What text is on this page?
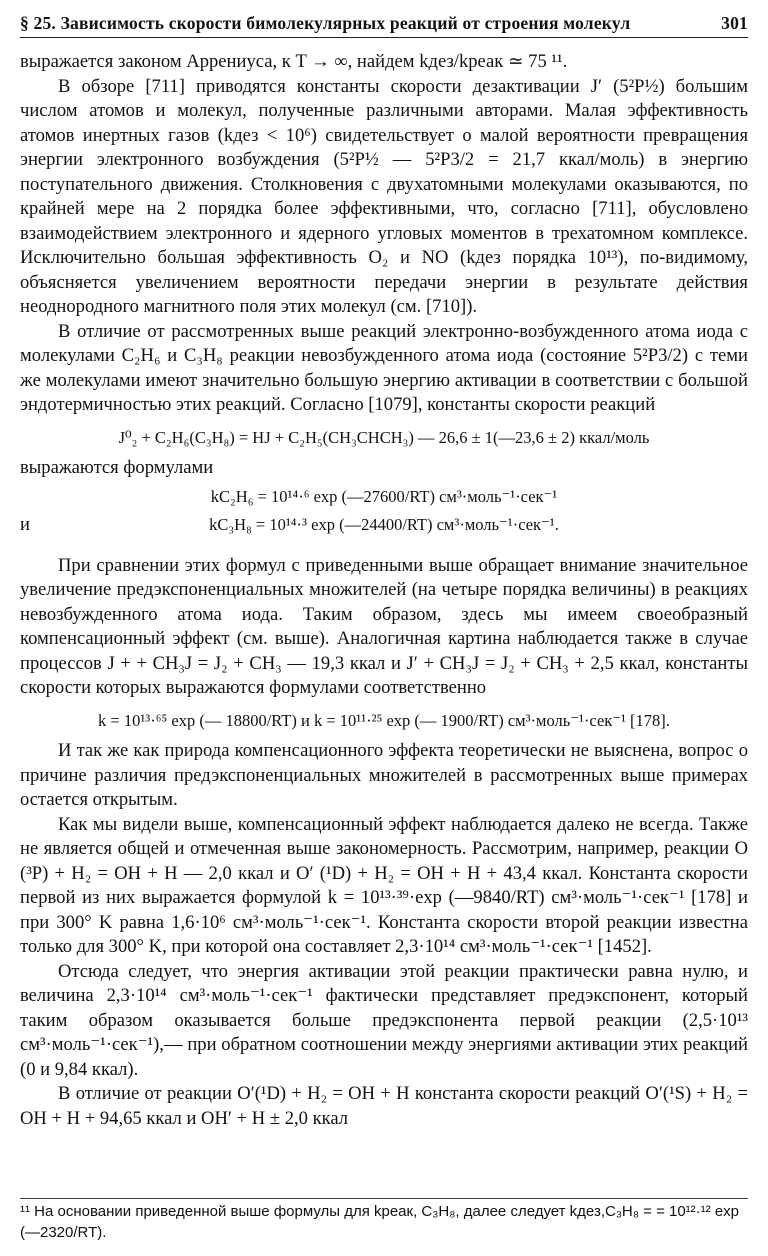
§ 25. Зависимость скорости бимолекулярных реакций от строения молекул	301

выражается законом Аррениуса, к T → ∞, найдем kдез/kреак ≃ 75 ¹¹.

В обзоре [711] приводятся константы скорости дезактивации J′ (5²P½) большим числом атомов и молекул, полученные различными авторами. Малая эффективность атомов инертных газов (kдез < 10⁶) свидетельствует о малой вероятности превращения энергии электронного возбуждения (5²P½ — 5²P3/2 = 21,7 ккал/моль) в энергию поступательного движения. Столкновения с двухатомными молекулами оказываются, по крайней мере на 2 порядка более эффективными, что, согласно [711], обусловлено взаимодействием электронного и ядерного угловых моментов в трехатомном комплексе. Исключительно большая эффективность O₂ и NO (kдез порядка 10¹³), по-видимому, объясняется увеличением вероятности передачи энергии в результате действия неоднородного магнитного поля этих молекул (см. [710]).

В отличие от рассмотренных выше реакций электронно-возбужденного атома иода с молекулами C₂H₆ и C₃H₈ реакции невозбужденного атома иода (состояние 5²P3/2) с теми же молекулами имеют значительно большую энергию активации в соответствии с большой эндотермичностью этих реакций. Согласно [1079], константы скорости реакций

J⁰₂ + C₂H₆(C₃H₈) = HJ + C₂H₅(CH₃CHCH₃) — 26,6 ± 1(—23,6 ± 2) ккал/моль

выражаются формулами

kC₂H₆ = 10¹⁴·⁶ exp (—27600/RT) см³·моль⁻¹·сек⁻¹
и	kC₃H₈ = 10¹⁴·³ exp (—24400/RT) см³·моль⁻¹·сек⁻¹.

При сравнении этих формул с приведенными выше обращает внимание значительное увеличение предэкспоненциальных множителей (на четыре порядка величины) в реакциях невозбужденного атома иода. Таким образом, здесь мы имеем своеобразный компенсационный эффект (см. выше). Аналогичная картина наблюдается также в случае процессов J + + CH₃J = J₂ + CH₃ — 19,3 ккал и J′ + CH₃J = J₂ + CH₃ + 2,5 ккал, константы скорости которых выражаются формулами соответственно

k = 10¹³·⁶⁵ exp (— 18800/RT) и k = 10¹¹·²⁵ exp (— 1900/RT) см³·моль⁻¹·сек⁻¹ [178].

И так же как природа компенсационного эффекта теоретически не выяснена, вопрос о причине различия предэкспоненциальных множителей в рассмотренных выше примерах остается открытым.

Как мы видели выше, компенсационный эффект наблюдается далеко не всегда. Также не является общей и отмеченная выше закономерность. Рассмотрим, например, реакции O (³P) + H₂ = OH + H — 2,0 ккал и O′ (¹D) + H₂ = OH + H + 43,4 ккал. Константа скорости первой из них выражается формулой k = 10¹³·³⁹·exp (—9840/RT) см³·моль⁻¹·сек⁻¹ [178] и при 300° K равна 1,6·10⁶ см³·моль⁻¹·сек⁻¹. Константа скорости второй реакции известна только для 300° K, при которой она составляет 2,3·10¹⁴ см³·моль⁻¹·сек⁻¹ [1452].

Отсюда следует, что энергия активации этой реакции практически равна нулю, и величина 2,3·10¹⁴ см³·моль⁻¹·сек⁻¹ фактически представляет предэкспонент, который таким образом оказывается больше предэкспонента первой реакции (2,5·10¹³ см³·моль⁻¹·сек⁻¹),— при обратном соотношении между энергиями активации этих реакций (0 и 9,84 ккал).

В отличие от реакции O′(¹D) + H₂ = OH + H константа скорости реакций O′(¹S) + H₂ = OH + H + 94,65 ккал и OH′ + H ± 2,0 ккал

¹¹ На основании приведенной выше формулы для kреак, C₃H₈, далее следует kдез,C₃H₈ = = 10¹²·¹² exp (—2320/RT).
